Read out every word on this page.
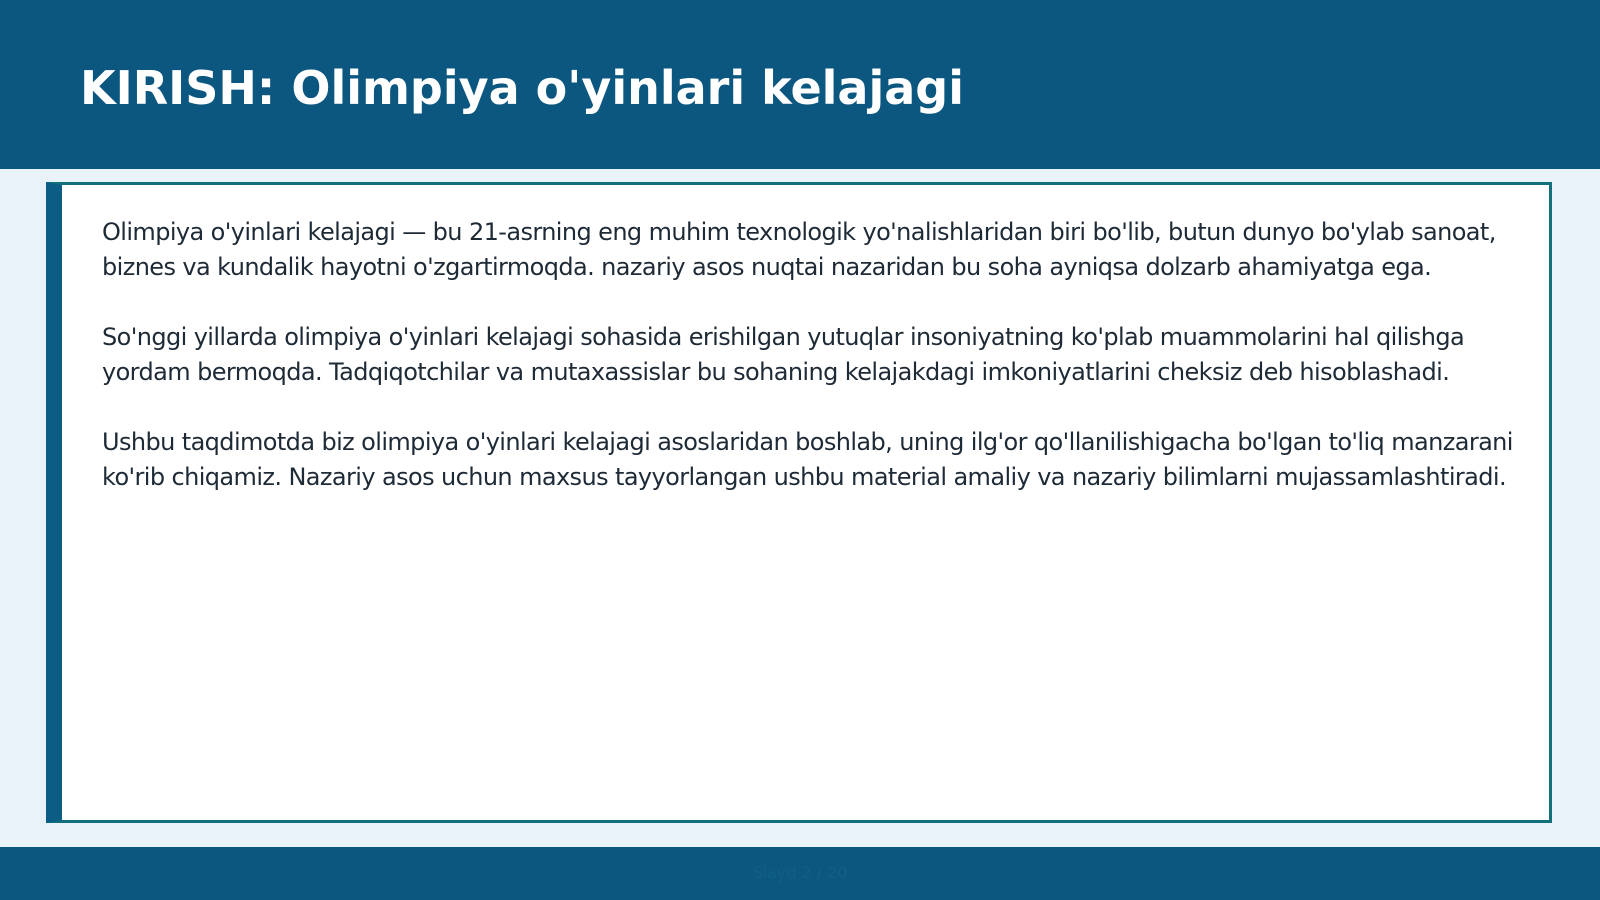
KIRISH: Olimpiya o'yinlari kelajagi

Olimpiya o'yinlari kelajagi — bu 21-asrning eng muhim texnologik yo'nalishlaridan biri bo'lib, butun dunyo bo'ylab sanoat, biznes va kundalik hayotni o'zgartirmoqda. nazariy asos nuqtai nazaridan bu soha ayniqsa dolzarb ahamiyatga ega.

So'nggi yillarda olimpiya o'yinlari kelajagi sohasida erishilgan yutuqlar insoniyatning ko'plab muammolarini hal qilishga yordam bermoqda. Tadqiqotchilar va mutaxassislar bu sohaning kelajakdagi imkoniyatlarini cheksiz deb hisoblashadi.

Ushbu taqdimotda biz olimpiya o'yinlari kelajagi asoslaridan boshlab, uning ilg'or qo'llanilishigacha bo'lgan to'liq manzarani ko'rib chiqamiz. Nazariy asos uchun maxsus tayyorlangan ushbu material amaliy va nazariy bilimlarni mujassamlashtiradi.

Slayd 2 / 20
